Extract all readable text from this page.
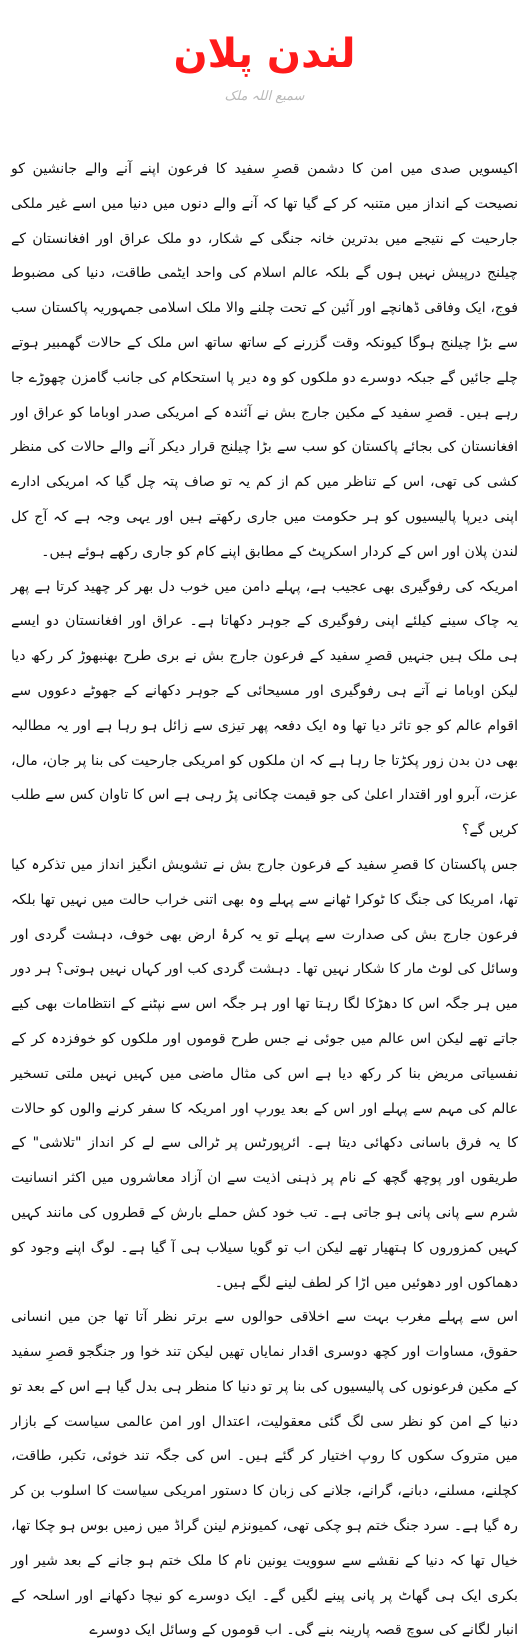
لندن پلان
سمیع اللہ ملک

اکیسویں صدی میں امن کا دشمن قصرِ سفید کا فرعون اپنے آنے والے جانشین کو نصیحت کے انداز میں متنبہ کر کے گیا تھا کہ آنے والے دنوں میں دنیا میں اسے غیر ملکی جارحیت کے نتیجے میں بدترین خانہ جنگی کے شکار، دو ملک عراق اور افغانستان کے چیلنج درپیش نہیں ہوں گے بلکہ عالم اسلام کی واحد ایٹمی طاقت، دنیا کی مضبوط فوج، ایک وفاقی ڈھانچے اور آئین کے تحت چلنے والا ملک اسلامی جمہوریہ پاکستان سب سے بڑا چیلنج ہوگا کیونکہ وقت گزرنے کے ساتھ ساتھ اس ملک کے حالات گھمبیر ہوتے چلے جائیں گے جبکہ دوسرے دو ملکوں کو وہ دیر پا استحکام کی جانب گامزن چھوڑے جا رہے ہیں۔ قصرِ سفید کے مکین جارج بش نے آئندہ کے امریکی صدر اوباما کو عراق اور افغانستان کی بجائے پاکستان کو سب سے بڑا چیلنج قرار دیکر آنے والے حالات کی منظر کشی کی تھی، اس کے تناظر میں کم از کم یہ تو صاف پتہ چل گیا کہ امریکی ادارے اپنی دیرپا پالیسیوں کو ہر حکومت میں جاری رکھتے ہیں اور یہی وجہ ہے کہ آج کل لندن پلان اور اس کے کردار اسکرپٹ کے مطابق اپنے کام کو جاری رکھے ہوئے ہیں۔

امریکہ کی رفوگیری بھی عجیب ہے، پہلے دامن میں خوب دل بھر کر چھید کرتا ہے پھر یہ چاک سینے کیلئے اپنی رفوگیری کے جوہر دکھاتا ہے۔ عراق اور افغانستان دو ایسے ہی ملک ہیں جنہیں قصرِ سفید کے فرعون جارج بش نے بری طرح بھنبھوڑ کر رکھ دیا لیکن اوباما نے آتے ہی رفوگیری اور مسیحائی کے جوہر دکھانے کے جھوٹے دعووں سے اقوام عالم کو جو تاثر دیا تھا وہ ایک دفعہ پھر تیزی سے زائل ہو رہا ہے اور یہ مطالبہ بھی دن بدن زور پکڑتا جا رہا ہے کہ ان ملکوں کو امریکی جارحیت کی بنا پر جان، مال، عزت، آبرو اور اقتدار اعلیٰ کی جو قیمت چکانی پڑ رہی ہے اس کا تاوان کس سے طلب کریں گے؟

جس پاکستان کا قصرِ سفید کے فرعون جارج بش نے تشویش انگیز انداز میں تذکرہ کیا تھا، امریکا کی جنگ کا ٹوکرا ٹھانے سے پہلے وہ بھی اتنی خراب حالت میں نہیں تھا بلکہ فرعون جارج بش کی صدارت سے پہلے تو یہ کرۂ ارض بھی خوف، دہشت گردی اور وسائل کی لوٹ مار کا شکار نہیں تھا۔ دہشت گردی کب اور کہاں نہیں ہوتی؟ ہر دور میں ہر جگہ اس کا دھڑکا لگا رہتا تھا اور ہر جگہ اس سے نپٹنے کے انتظامات بھی کیے جاتے تھے لیکن اس عالم میں جوئی نے جس طرح قوموں اور ملکوں کو خوفزدہ کر کے نفسیاتی مریض بنا کر رکھ دیا ہے اس کی مثال ماضی میں کہیں نہیں ملتی تسخیر عالم کی مہم سے پہلے اور اس کے بعد یورپ اور امریکہ کا سفر کرنے والوں کو حالات کا یہ فرق باسانی دکھائی دیتا ہے۔ ائرپورٹس پر ٹرالی سے لے کر انداز "تلاشی" کے طریقوں اور پوچھ گچھ کے نام پر ذہنی اذیت سے ان آزاد معاشروں میں اکثر انسانیت شرم سے پانی پانی ہو جاتی ہے۔ تب خود کش حملے بارش کے قطروں کی مانند کہیں کہیں کمزوروں کا ہتھیار تھے لیکن اب تو گویا سیلاب ہی آ گیا ہے۔ لوگ اپنے وجود کو دھماکوں اور دھوئیں میں اڑا کر لطف لینے لگے ہیں۔

اس سے پہلے مغرب بہت سے اخلاقی حوالوں سے برتر نظر آتا تھا جن میں انسانی حقوق، مساوات اور کچھ دوسری اقدار نمایاں تھیں لیکن تند خوا ور جنگجو قصرِ سفید کے مکین فرعونوں کی پالیسیوں کی بنا پر تو دنیا کا منظر ہی بدل گیا ہے اس کے بعد تو دنیا کے امن کو نظر سی لگ گئی معقولیت، اعتدال اور امن عالمی سیاست کے بازار میں متروک سکوں کا روپ اختیار کر گئے ہیں۔ اس کی جگہ تند خوئی، تکبر، طاقت، کچلنے، مسلنے، دبانے، گرانے، جلانے کی زبان کا دستور امریکی سیاست کا اسلوب بن کر رہ گیا ہے۔ سرد جنگ ختم ہو چکی تھی، کمیونزم لینن گراڈ میں زمیں بوس ہو چکا تھا، خیال تھا کہ دنیا کے نقشے سے سوویت یونین نام کا ملک ختم ہو جانے کے بعد شیر اور بکری ایک ہی گھاٹ پر پانی پینے لگیں گے۔ ایک دوسرے کو نیچا دکھانے اور اسلحہ کے انبار لگانے کی سوچ قصہ پارینہ بنے گی۔ اب قوموں کے وسائل ایک دوسرے
